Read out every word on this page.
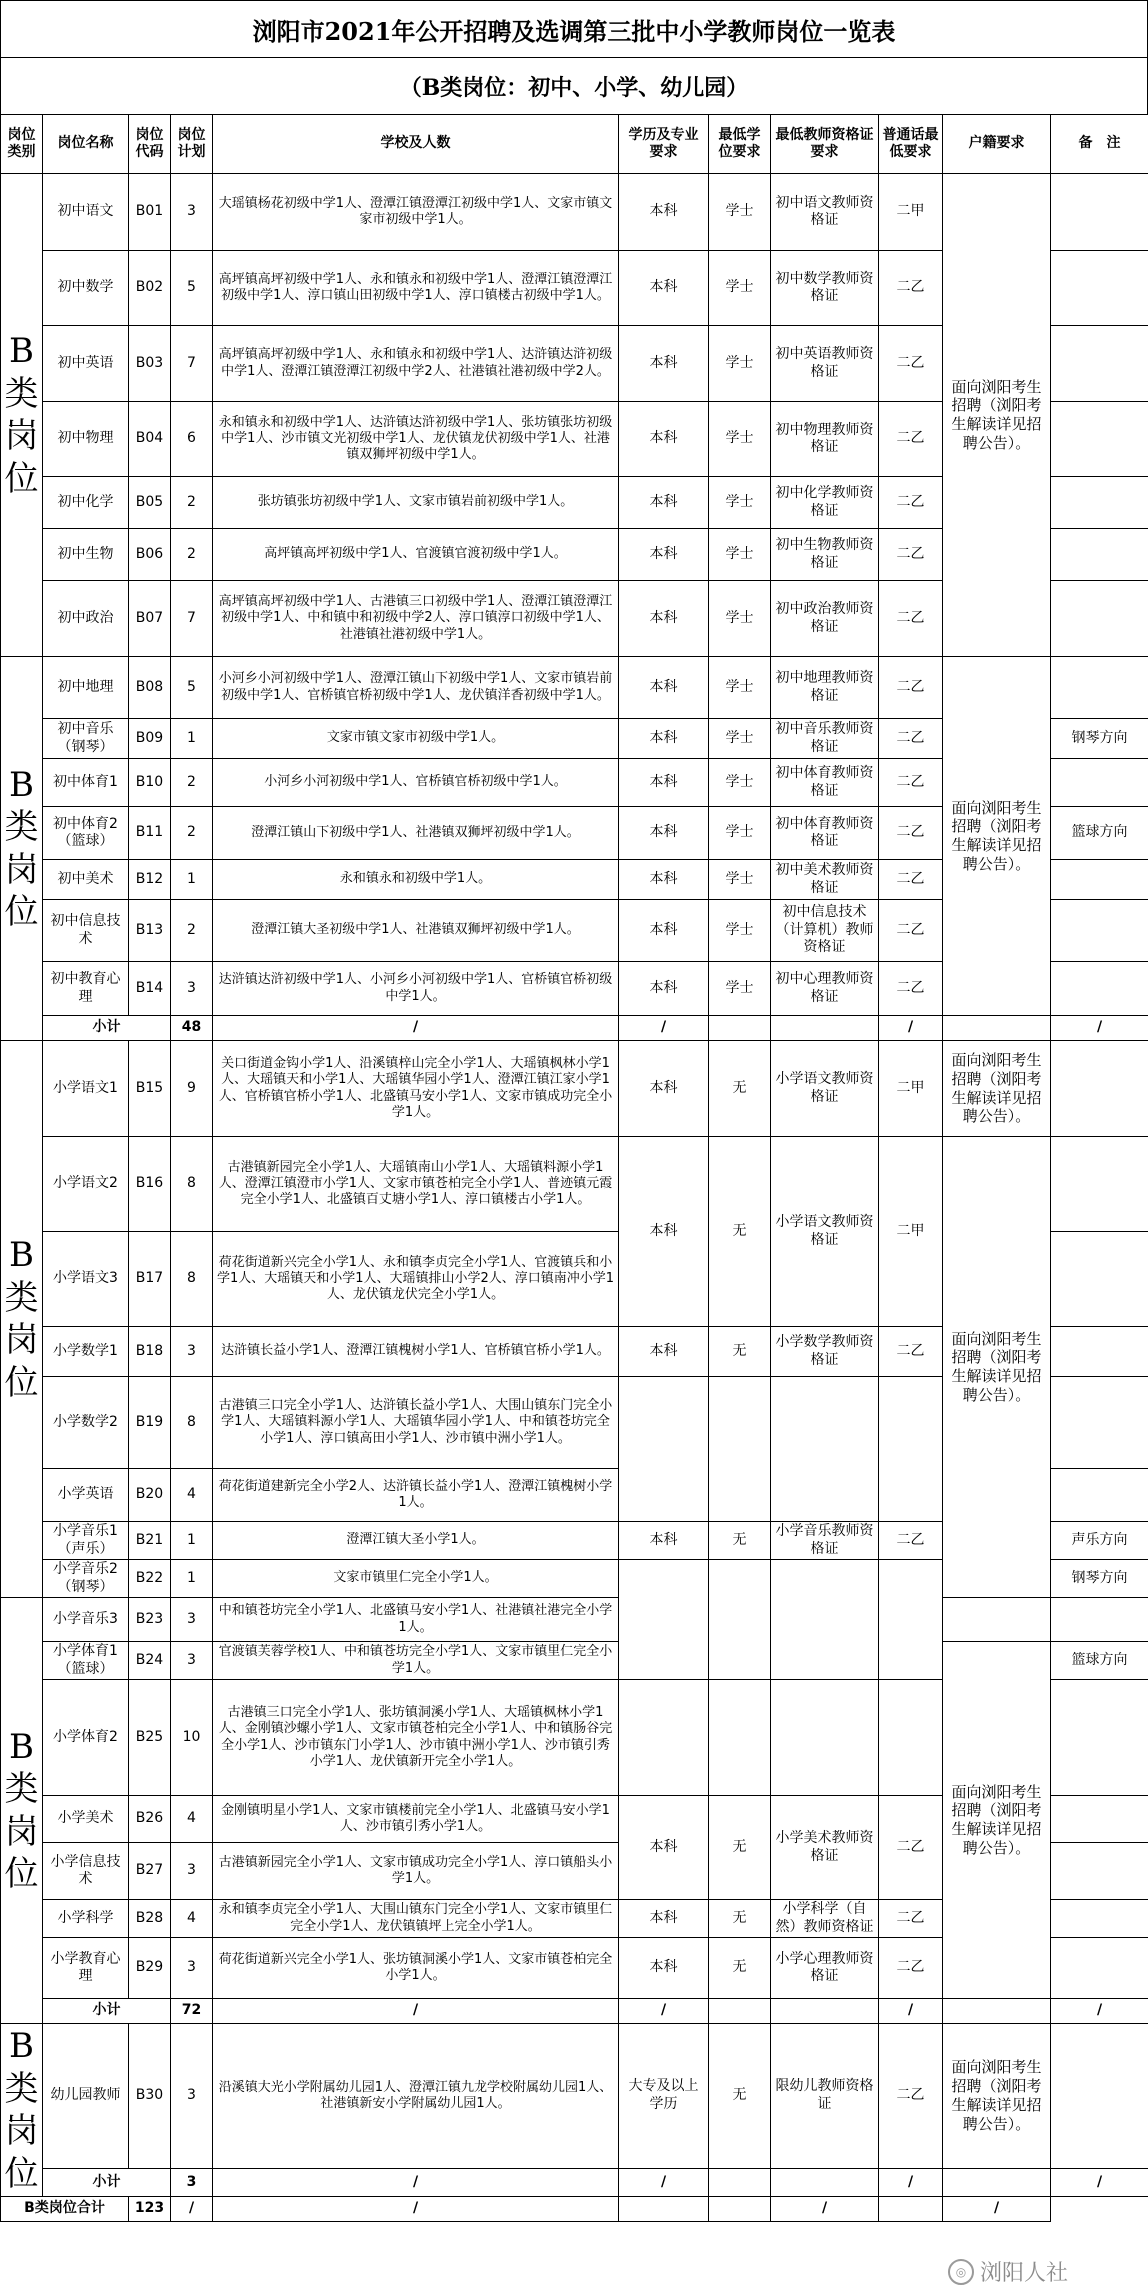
浏阳市2021年公开招聘及选调第三批中小学教师岗位一览表
（B类岗位：初中、小学、幼儿园）
岗位类别	岗位名称	岗位代码	岗位计划	学校及人数	学历及专业要求	最低学位要求	最低教师资格证要求	普通话最低要求	户籍要求	备　注
B类岗位	初中语文	B01	3	大瑶镇杨花初级中学1人、澄潭江镇澄潭江初级中学1人、文家市镇文家市初级中学1人。	本科	学士	初中语文教师资格证	二甲	面向浏阳考生招聘（浏阳考生解读详见招聘公告）。	
	初中数学	B02	5	高坪镇高坪初级中学1人、永和镇永和初级中学1人、澄潭江镇澄潭江初级中学1人、淳口镇山田初级中学1人、淳口镇楼古初级中学1人。	本科	学士	初中数学教师资格证	二乙		
	初中英语	B03	7	高坪镇高坪初级中学1人、永和镇永和初级中学1人、达浒镇达浒初级中学1人、澄潭江镇澄潭江初级中学2人、社港镇社港初级中学2人。	本科	学士	初中英语教师资格证	二乙		
	初中物理	B04	6	永和镇永和初级中学1人、达浒镇达浒初级中学1人、张坊镇张坊初级中学1人、沙市镇文光初级中学1人、龙伏镇龙伏初级中学1人、社港镇双狮坪初级中学1人。	本科	学士	初中物理教师资格证	二乙		
	初中化学	B05	2	张坊镇张坊初级中学1人、文家市镇岩前初级中学1人。	本科	学士	初中化学教师资格证	二乙		
	初中生物	B06	2	高坪镇高坪初级中学1人、官渡镇官渡初级中学1人。	本科	学士	初中生物教师资格证	二乙		
	初中政治	B07	7	高坪镇高坪初级中学1人、古港镇三口初级中学1人、澄潭江镇澄潭江初级中学1人、中和镇中和初级中学2人、淳口镇淳口初级中学1人、社港镇社港初级中学1人。	本科	学士	初中政治教师资格证	二乙		
B类岗位	初中地理	B08	5	小河乡小河初级中学1人、澄潭江镇山下初级中学1人、文家市镇岩前初级中学1人、官桥镇官桥初级中学1人、龙伏镇洋香初级中学1人。	本科	学士	初中地理教师资格证	二乙	面向浏阳考生招聘（浏阳考生解读详见招聘公告）。	
	初中音乐（钢琴）	B09	1	文家市镇文家市初级中学1人。	本科	学士	初中音乐教师资格证	二乙		钢琴方向
	初中体育1	B10	2	小河乡小河初级中学1人、官桥镇官桥初级中学1人。	本科	学士	初中体育教师资格证	二乙		
	初中体育2（篮球）	B11	2	澄潭江镇山下初级中学1人、社港镇双狮坪初级中学1人。	本科	学士	初中体育教师资格证	二乙		篮球方向
	初中美术	B12	1	永和镇永和初级中学1人。	本科	学士	初中美术教师资格证	二乙		
	初中信息技术	B13	2	澄潭江镇大圣初级中学1人、社港镇双狮坪初级中学1人。	本科	学士	初中信息技术（计算机）教师资格证	二乙		
	初中教育心理	B14	3	达浒镇达浒初级中学1人、小河乡小河初级中学1人、官桥镇官桥初级中学1人。	本科	学士	初中心理教师资格证	二乙		
	小计		48	/	/			/		/
B类岗位	小学语文1	B15	9	关口街道金钩小学1人、沿溪镇梓山完全小学1人、大瑶镇枫林小学1人、大瑶镇天和小学1人、大瑶镇华园小学1人、澄潭江镇江家小学1人、官桥镇官桥小学1人、北盛镇马安小学1人、文家市镇成功完全小学1人。	本科	无	小学语文教师资格证	二甲	面向浏阳考生招聘（浏阳考生解读详见招聘公告）。	
	小学语文2	B16	8	古港镇新园完全小学1人、大瑶镇南山小学1人、大瑶镇料源小学1人、澄潭江镇澄市小学1人、文家市镇苍柏完全小学1人、普迹镇元霞完全小学1人、北盛镇百丈塘小学1人、淳口镇楼古小学1人。	本科	无	小学语文教师资格证	二甲	面向浏阳考生招聘（浏阳考生解读详见招聘公告）。	
	小学语文3	B17	8	荷花街道新兴完全小学1人、永和镇李贞完全小学1人、官渡镇兵和小学1人、大瑶镇天和小学1人、大瑶镇排山小学2人、淳口镇南冲小学1人、龙伏镇龙伏完全小学1人。						
	小学数学1	B18	3	达浒镇长益小学1人、澄潭江镇槐树小学1人、官桥镇官桥小学1人。	本科	无	小学数学教师资格证	二乙		
	小学数学2	B19	8	古港镇三口完全小学1人、达浒镇长益小学1人、大围山镇东门完全小学1人、大瑶镇料源小学1人、大瑶镇华园小学1人、中和镇苍坊完全小学1人、淳口镇高田小学1人、沙市镇中洲小学1人。						
	小学英语	B20	4	荷花街道建新完全小学2人、达浒镇长益小学1人、澄潭江镇槐树小学1人。						
	小学音乐1（声乐）	B21	1	澄潭江镇大圣小学1人。	本科	无	小学音乐教师资格证	二乙		声乐方向
	小学音乐2（钢琴）	B22	1	文家市镇里仁完全小学1人。						钢琴方向
B类岗位	小学音乐3	B23	3	中和镇苍坊完全小学1人、北盛镇马安小学1人、社港镇社港完全小学1人。						
	小学体育1（篮球）	B24	3	官渡镇芙蓉学校1人、中和镇苍坊完全小学1人、文家市镇里仁完全小学1人。					面向浏阳考生招聘（浏阳考生解读详见招聘公告）。	篮球方向
	小学体育2	B25	10	古港镇三口完全小学1人、张坊镇洞溪小学1人、大瑶镇枫林小学1人、金刚镇沙螺小学1人、文家市镇苍柏完全小学1人、中和镇肠谷完全小学1人、沙市镇东门小学1人、沙市镇中洲小学1人、沙市镇引秀小学1人、龙伏镇新开完全小学1人。						
	小学美术	B26	4	金刚镇明星小学1人、文家市镇楼前完全小学1人、北盛镇马安小学1人、沙市镇引秀小学1人。	本科	无	小学美术教师资格证	二乙		
	小学信息技术	B27	3	古港镇新园完全小学1人、文家市镇成功完全小学1人、淳口镇船头小学1人。						
	小学科学	B28	4	永和镇李贞完全小学1人、大围山镇东门完全小学1人、文家市镇里仁完全小学1人、龙伏镇镇坪上完全小学1人。	本科	无	小学科学（自然）教师资格证	二乙		
	小学教育心理	B29	3	荷花街道新兴完全小学1人、张坊镇洞溪小学1人、文家市镇苍柏完全小学1人。	本科	无	小学心理教师资格证	二乙		
	小计		72	/	/			/		/
B类岗位	幼儿园教师	B30	3	沿溪镇大光小学附属幼儿园1人、澄潭江镇九龙学校附属幼儿园1人、社港镇新安小学附属幼儿园1人。	大专及以上学历	无	限幼儿教师资格证	二乙	面向浏阳考生招聘（浏阳考生解读详见招聘公告）。	
	小计		3	/	/			/		/
B类岗位合计		123	/	/			/		/	
◎ 浏阳人社
